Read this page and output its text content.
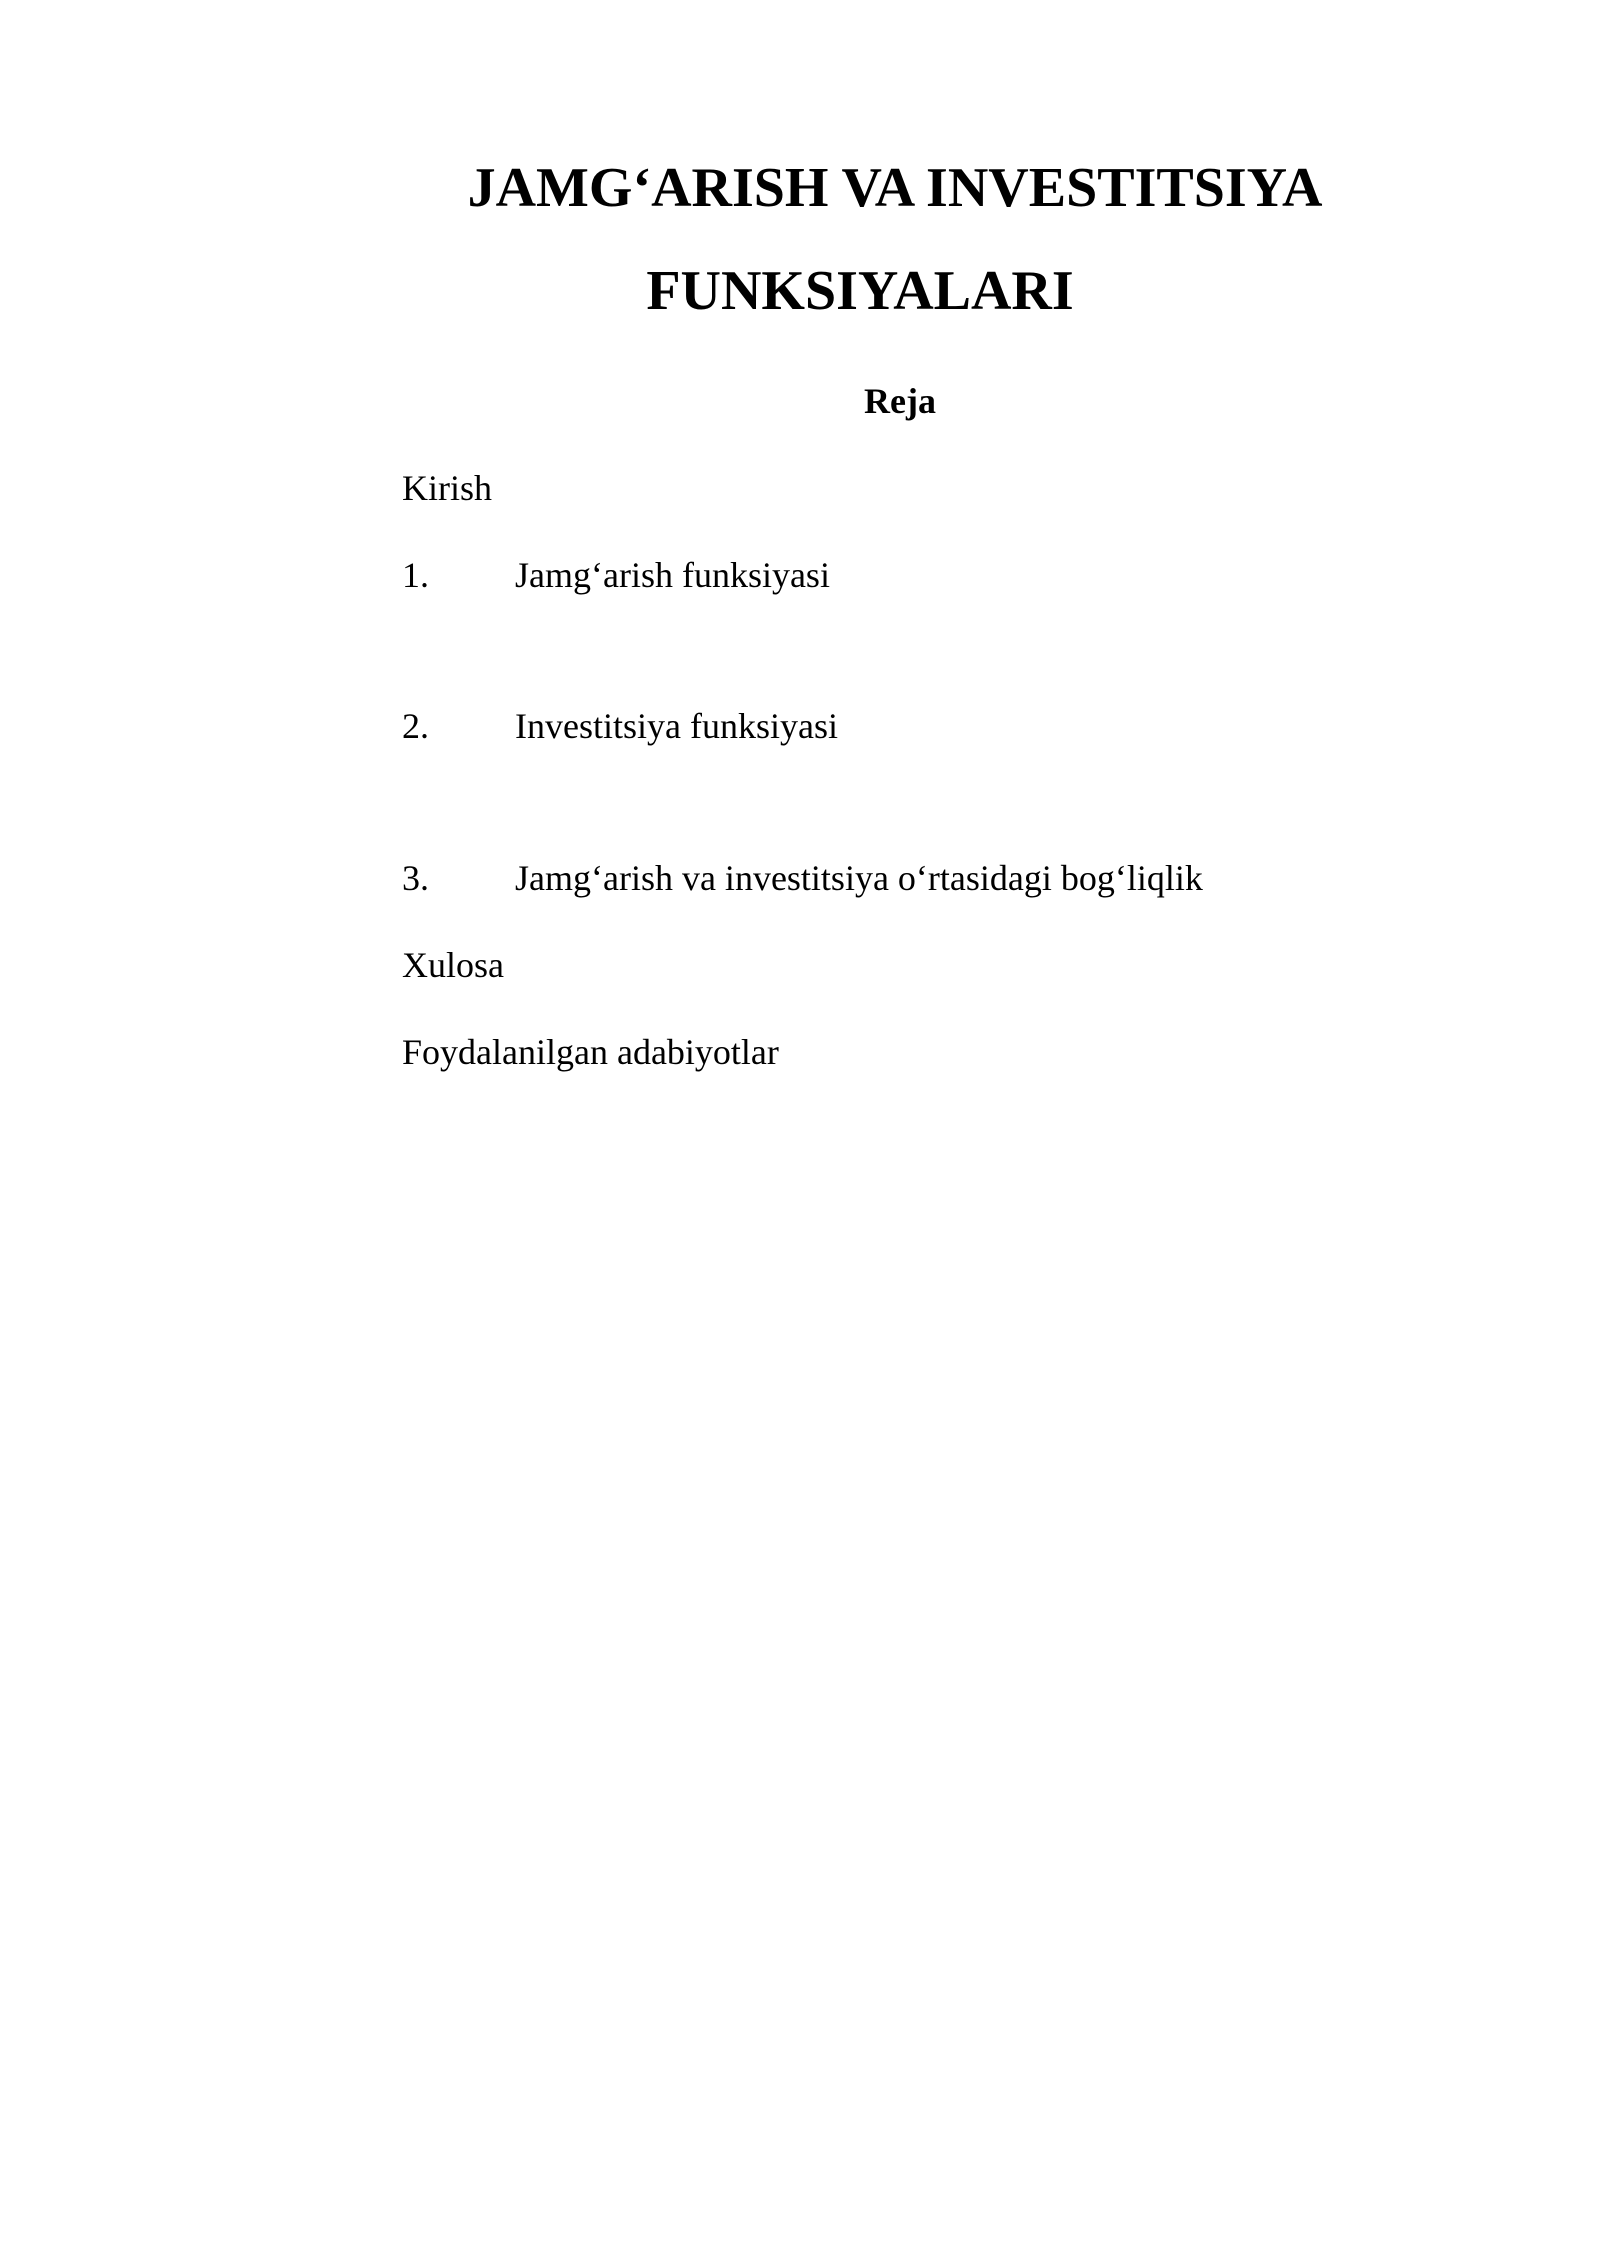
JAMG‘ARISH VA INVESTITSIYA
FUNKSIYALARI
Reja
Kirish
1. Jamg‘arish funksiyasi
2. Investitsiya funksiyasi
3. Jamg‘arish va investitsiya o‘rtasidagi bog‘liqlik
Xulosa
Foydalanilgan adabiyotlar
